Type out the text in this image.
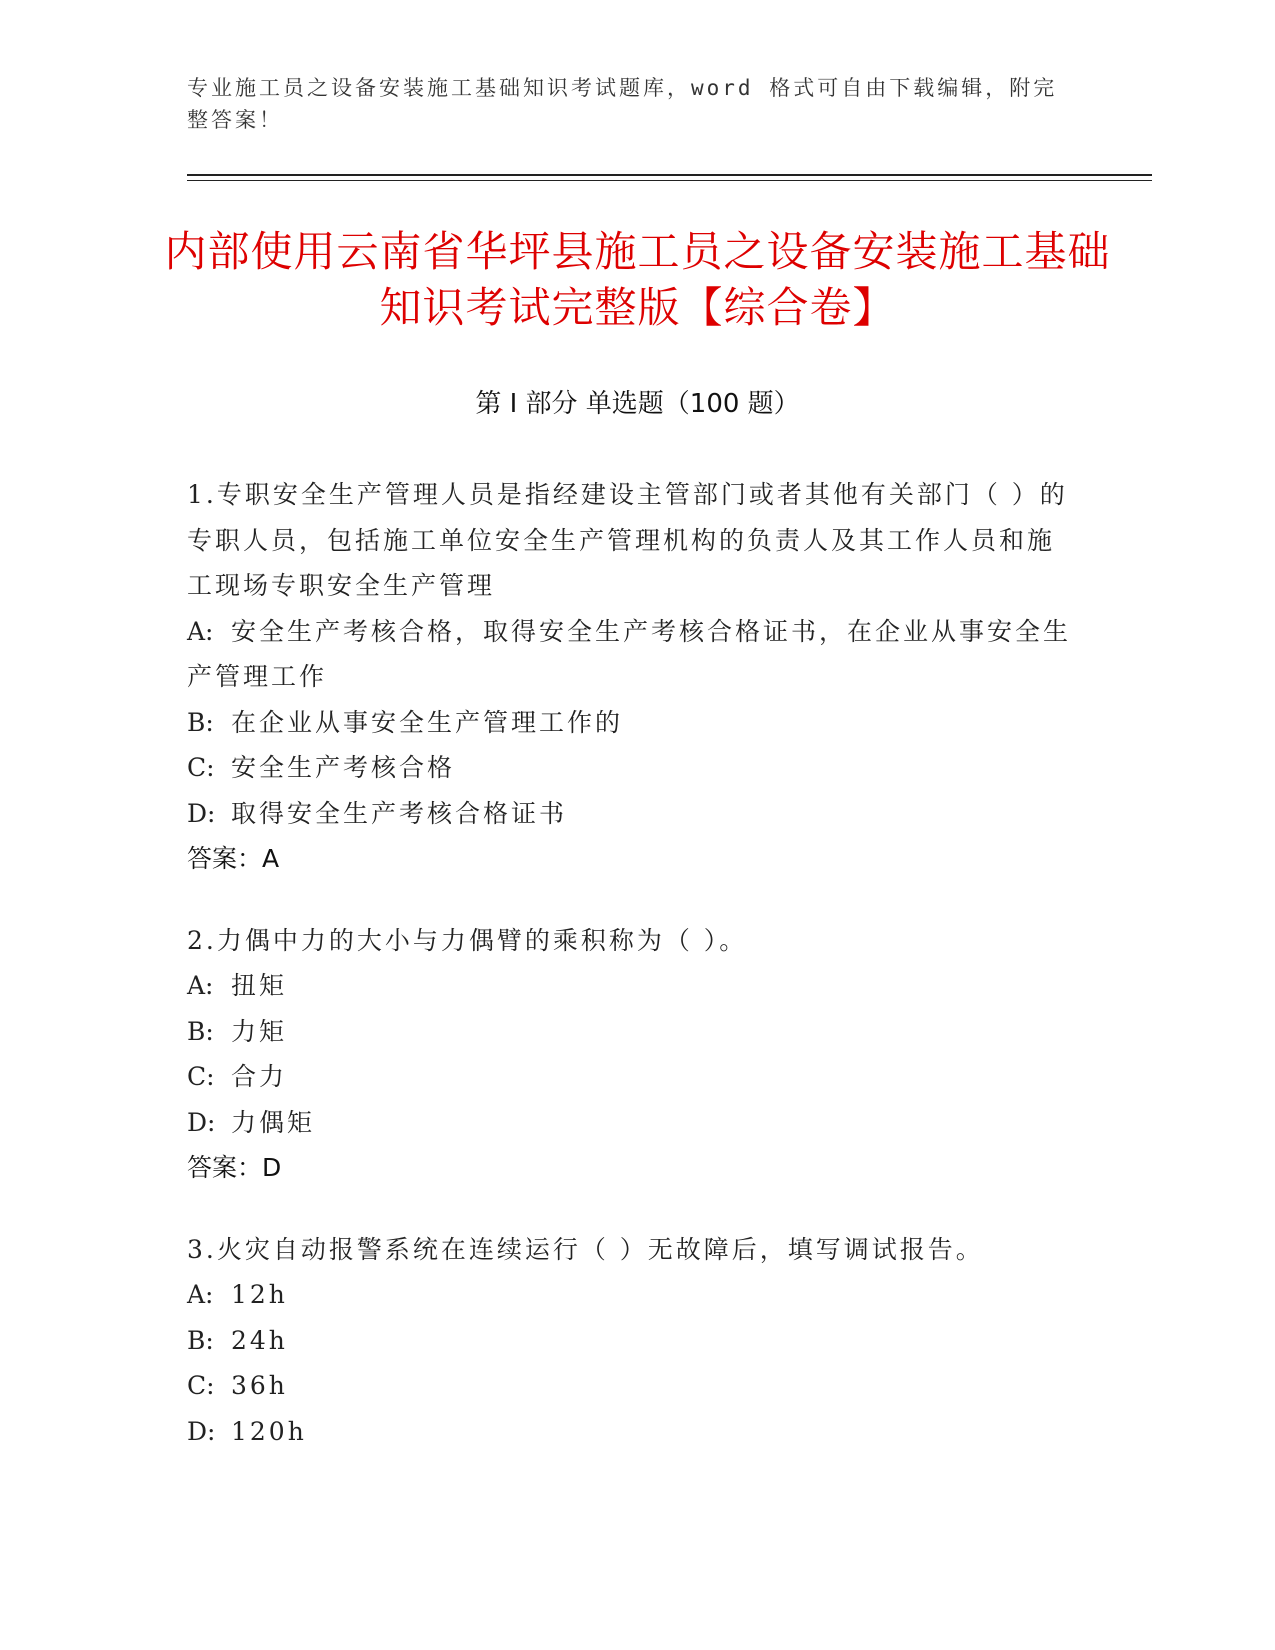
专业施工员之设备安装施工基础知识考试题库，word 格式可自由下载编辑，附完整答案！
内部使用云南省华坪县施工员之设备安装施工基础知识考试完整版【综合卷】
第 I 部分 单选题（100 题）
1.专职安全生产管理人员是指经建设主管部门或者其他有关部门（ ）的专职人员，包括施工单位安全生产管理机构的负责人及其工作人员和施工现场专职安全生产管理
A: 安全生产考核合格，取得安全生产考核合格证书，在企业从事安全生产管理工作
B: 在企业从事安全生产管理工作的
C: 安全生产考核合格
D: 取得安全生产考核合格证书
答案：A
2.力偶中力的大小与力偶臂的乘积称为（ ）。
A: 扭矩
B: 力矩
C: 合力
D: 力偶矩
答案：D
3.火灾自动报警系统在连续运行（ ）无故障后，填写调试报告。
A: 12h
B: 24h
C: 36h
D: 120h
